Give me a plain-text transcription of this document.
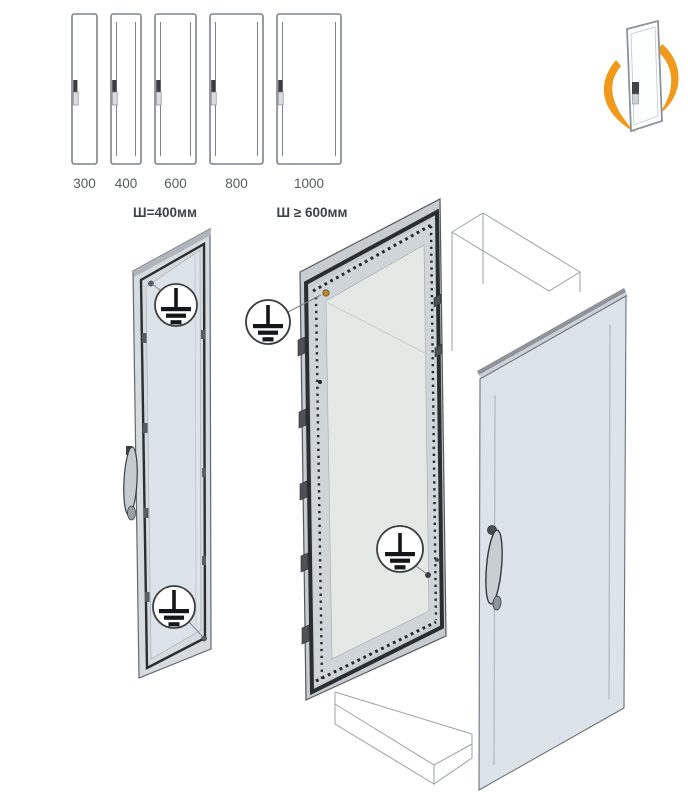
300 400 600	800	1000
Ш=400мм	Ш ≥ 600мм
